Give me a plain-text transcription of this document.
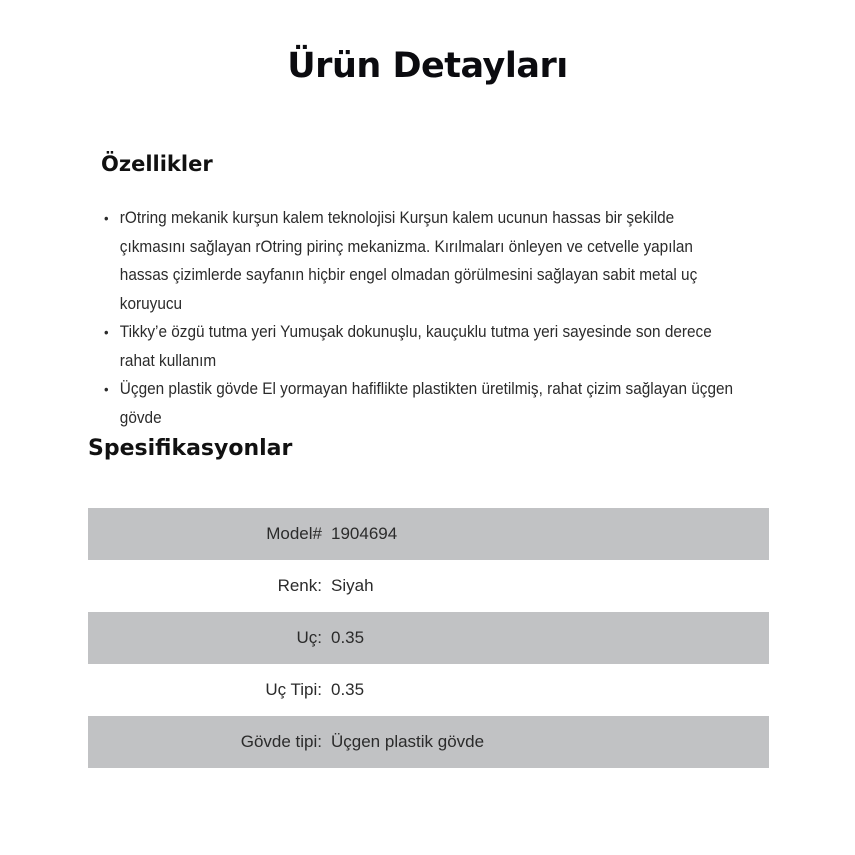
Ürün Detayları
Özellikler
• rOtring mekanik kurşun kalem teknolojisi Kurşun kalem ucunun hassas bir şekilde çıkmasını sağlayan rOtring pirinç mekanizma. Kırılmaları önleyen ve cetvelle yapılan hassas çizimlerde sayfanın hiçbir engel olmadan görülmesini sağlayan sabit metal uç koruyucu
• Tikky’e özgü tutma yeri Yumuşak dokunuşlu, kauçuklu tutma yeri sayesinde son derece rahat kullanım
• Üçgen plastik gövde El yormayan hafiflikte plastikten üretilmiş, rahat çizim sağlayan üçgen gövde
Spesifikasyonlar
Model# 1904694
Renk: Siyah
Uç: 0.35
Uç Tipi: 0.35
Gövde tipi: Üçgen plastik gövde
